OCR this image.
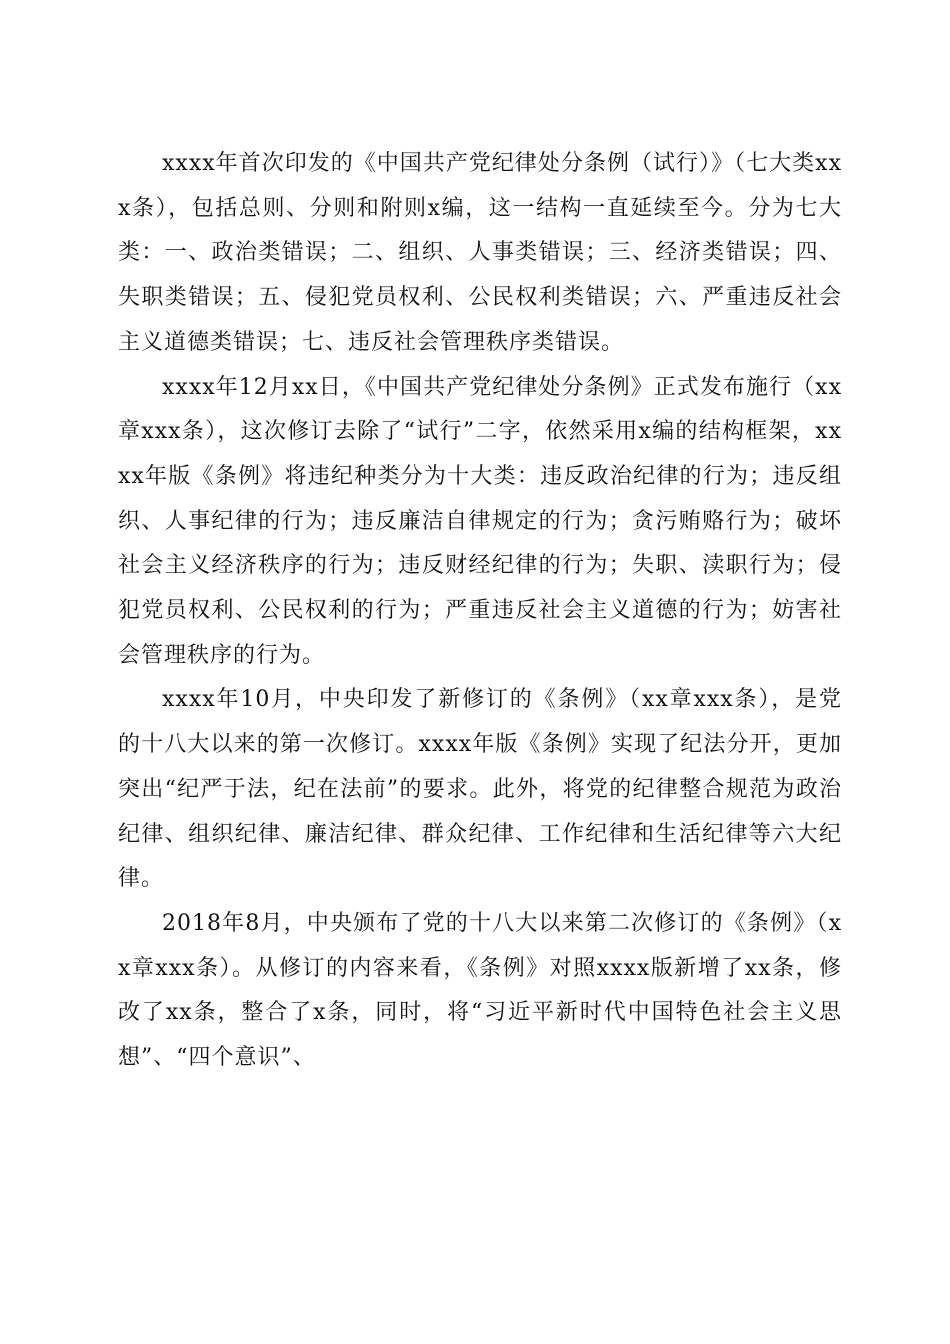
xxxx年首次印发的《中国共产党纪律处分条例（试行）》（七大类xxx条），包括总则、分则和附则x编，这一结构一直延续至今。分为七大类：一、政治类错误；二、组织、人事类错误；三、经济类错误；四、失职类错误；五、侵犯党员权利、公民权利类错误；六、严重违反社会主义道德类错误；七、违反社会管理秩序类错误。

xxxx年12月xx日，《中国共产党纪律处分条例》正式发布施行（xx章xxx条），这次修订去除了“试行”二字，依然采用x编的结构框架，xxxx年版《条例》将违纪种类分为十大类：违反政治纪律的行为；违反组织、人事纪律的行为；违反廉洁自律规定的行为；贪污贿赂行为；破坏社会主义经济秩序的行为；违反财经纪律的行为；失职、渎职行为；侵犯党员权利、公民权利的行为；严重违反社会主义道德的行为；妨害社会管理秩序的行为。

xxxx年10月，中央印发了新修订的《条例》（xx章xxx条），是党的十八大以来的第一次修订。xxxx年版《条例》实现了纪法分开，更加突出“纪严于法，纪在法前”的要求。此外，将党的纪律整合规范为政治纪律、组织纪律、廉洁纪律、群众纪律、工作纪律和生活纪律等六大纪律。

2018年8月，中央颁布了党的十八大以来第二次修订的《条例》（xx章xxx条）。从修订的内容来看，《条例》对照xxxx版新增了xx条，修改了xx条，整合了x条，同时，将“习近平新时代中国特色社会主义思想”、“四个意识”、
